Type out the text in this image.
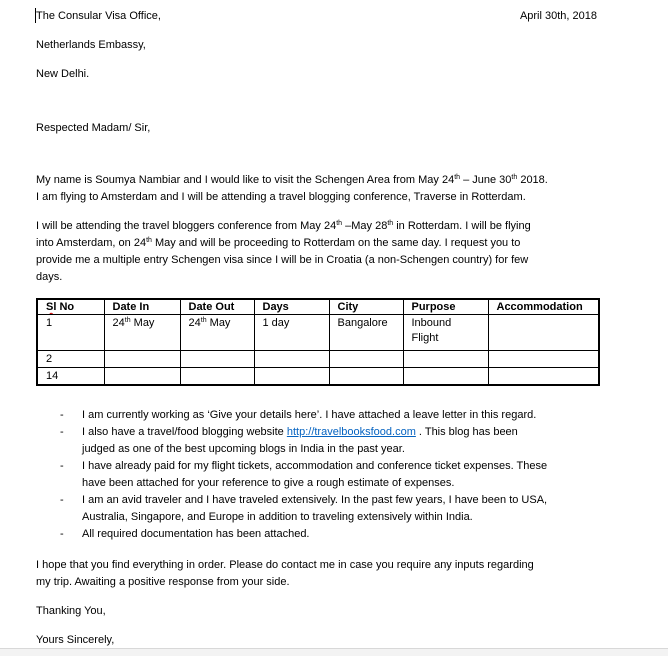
The Consular Visa Office,	April 30th, 2018

Netherlands Embassy,

New Delhi.

Respected Madam/ Sir,

My name is Soumya Nambiar and I would like to visit the Schengen Area from May 24th – June 30th 2018.
I am flying to Amsterdam and I will be attending a travel blogging conference, Traverse in Rotterdam.

I will be attending the travel bloggers conference from May 24th –May 28th in Rotterdam. I will be flying
into Amsterdam, on 24th May and will be proceeding to Rotterdam on the same day. I request you to
provide me a multiple entry Schengen visa since I will be in Croatia (a non-Schengen country) for few
days.

Sl No	Date In	Date Out	Days	City	Purpose	Accommodation
1	24th May	24th May	1 day	Bangalore	Inbound
Flight	
2						
14						
-	I am currently working as ‘Give your details here’. I have attached a leave letter in this regard.
-	I also have a travel/food blogging website http://travelbooksfood.com . This blog has been
judged as one of the best upcoming blogs in India in the past year.
-	I have already paid for my flight tickets, accommodation and conference ticket expenses. These
have been attached for your reference to give a rough estimate of expenses.
-	I am an avid traveler and I have traveled extensively. In the past few years, I have been to USA,
Australia, Singapore, and Europe in addition to traveling extensively within India.
-	All required documentation has been attached.

I hope that you find everything in order. Please do contact me in case you require any inputs regarding
my trip. Awaiting a positive response from your side.

Thanking You,

Yours Sincerely,
